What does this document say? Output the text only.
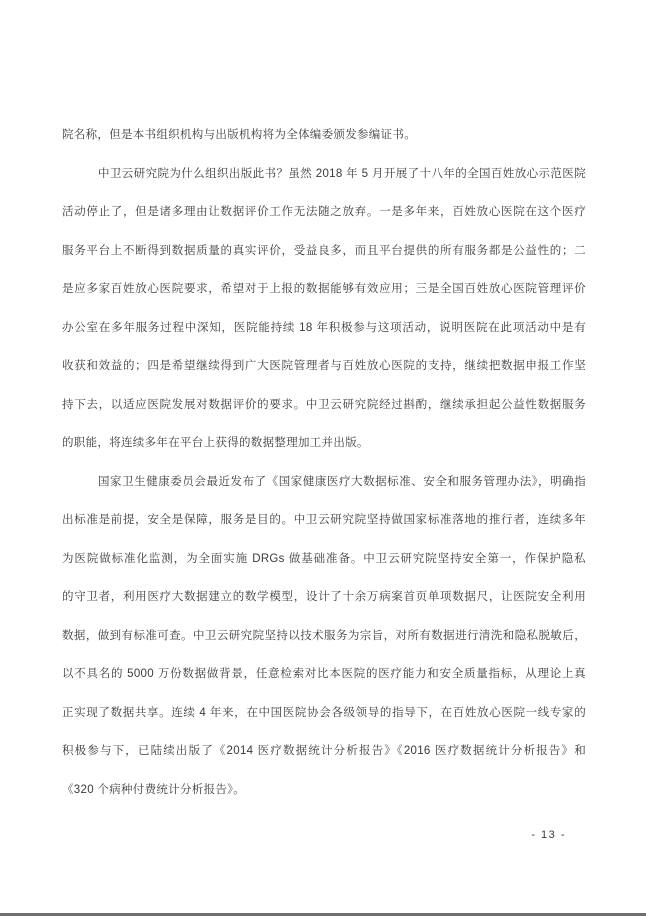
院名称，但是本书组织机构与出版机构将为全体编委颁发参编证书。
中卫云研究院为什么组织出版此书？虽然 2018 年 5 月开展了十八年的全国百姓放心示范医院
活动停止了，但是诸多理由让数据评价工作无法随之放弃。一是多年来，百姓放心医院在这个医疗
服务平台上不断得到数据质量的真实评价，受益良多，而且平台提供的所有服务都是公益性的；二
是应多家百姓放心医院要求，希望对于上报的数据能够有效应用；三是全国百姓放心医院管理评价
办公室在多年服务过程中深知，医院能持续 18 年积极参与这项活动，说明医院在此项活动中是有
收获和效益的；四是希望继续得到广大医院管理者与百姓放心医院的支持，继续把数据申报工作坚
持下去，以适应医院发展对数据评价的要求。中卫云研究院经过斟酌，继续承担起公益性数据服务
的职能，将连续多年在平台上获得的数据整理加工并出版。
国家卫生健康委员会最近发布了《国家健康医疗大数据标准、安全和服务管理办法》，明确指
出标准是前提，安全是保障，服务是目的。中卫云研究院坚持做国家标准落地的推行者，连续多年
为医院做标准化监测，为全面实施 DRGs 做基础准备。中卫云研究院坚持安全第一，作保护隐私
的守卫者，利用医疗大数据建立的数学模型，设计了十余万病案首页单项数据尺，让医院安全利用
数据，做到有标准可查。中卫云研究院坚持以技术服务为宗旨，对所有数据进行清洗和隐私脱敏后，
以不具名的 5000 万份数据做背景，任意检索对比本医院的医疗能力和安全质量指标，从理论上真
正实现了数据共享。连续 4 年来，在中国医院协会各级领导的指导下，在百姓放心医院一线专家的
积极参与下，已陆续出版了《2014 医疗数据统计分析报告》《2016 医疗数据统计分析报告》和
《320 个病种付费统计分析报告》。
- 13 -
